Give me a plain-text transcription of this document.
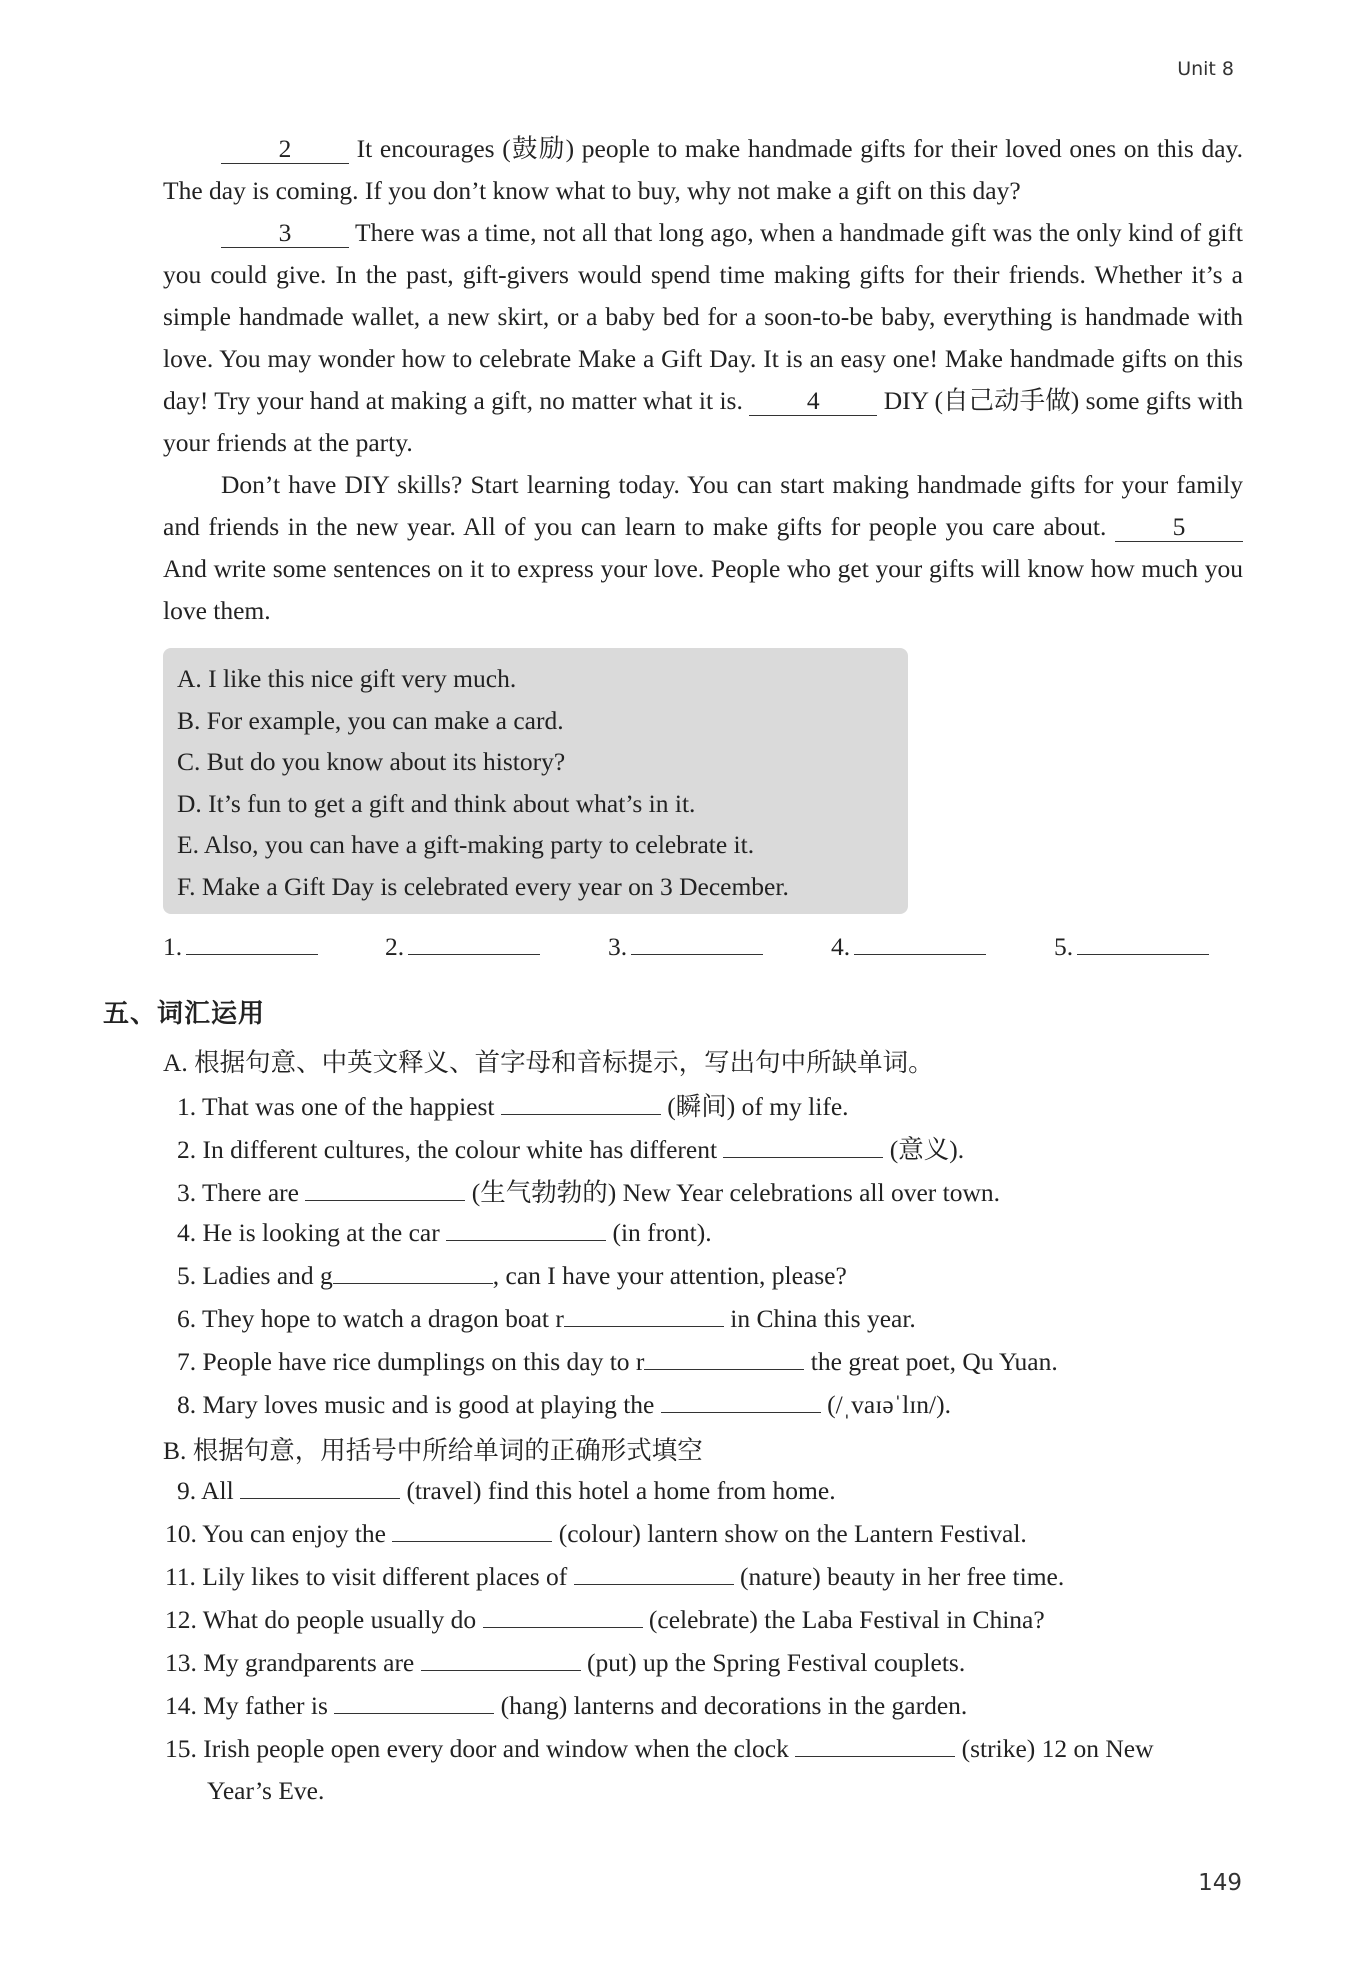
Unit 8

2	It encourages (鼓励) people to make handmade gifts for their loved ones on this day. The day is coming. If you don’t know what to buy, why not make a gift on this day?

3 There was a time, not all that long ago, when a handmade gift was the only kind of gift you could give. In the past, gift-givers would spend time making gifts for their friends. Whether it’s a simple handmade wallet, a new skirt, or a baby bed for a soon-to-be baby, everything is handmade with love. You may wonder how to celebrate Make a Gift Day. It is an easy one! Make handmade gifts on this day! Try your hand at making a gift, no matter what it is.	4	DIY (自己动手做) some gifts with your friends at the party.

Don’t have DIY skills? Start learning today. You can start making handmade gifts for your family and friends in the new year. All of you can learn to make gifts for people you care about.	5 And write some sentences on it to express your love. People who get your gifts will know how much you love them.

A. I like this nice gift very much.
B. For example, you can make a card.
C. But do you know about its history?
D. It’s fun to get a gift and think about what’s in it.
E. Also, you can have a gift-making party to celebrate it.
F. Make a Gift Day is celebrated every year on 3 December.
1.	2.	3.	4.	5.
五、词汇运用
A. 根据句意、中英文释义、首字母和音标提示，写出句中所缺单词。
1. That was one of the happiest	(瞬间) of my life.
2. In different cultures, the colour white has different	(意义).
3. There are	(生气勃勃的) New Year celebrations all over town.
4. He is looking at the car	(in front).
5. Ladies and g	, can I have your attention, please?
6. They hope to watch a dragon boat r	in China this year.
7. People have rice dumplings on this day to r	the great poet, Qu Yuan.
8. Mary loves music and is good at playing the	(/ˌvaɪəˈlɪn/).
B. 根据句意，用括号中所给单词的正确形式填空
9. All	(travel) find this hotel a home from home.
10. You can enjoy the	(colour) lantern show on the Lantern Festival.
11. Lily likes to visit different places of	(nature) beauty in her free time.
12. What do people usually do	(celebrate) the Laba Festival in China?
13. My grandparents are	(put) up the Spring Festival couplets.
14. My father is	(hang) lanterns and decorations in the garden.
15. Irish people open every door and window when the clock	(strike) 12 on New
Year’s Eve.
149
